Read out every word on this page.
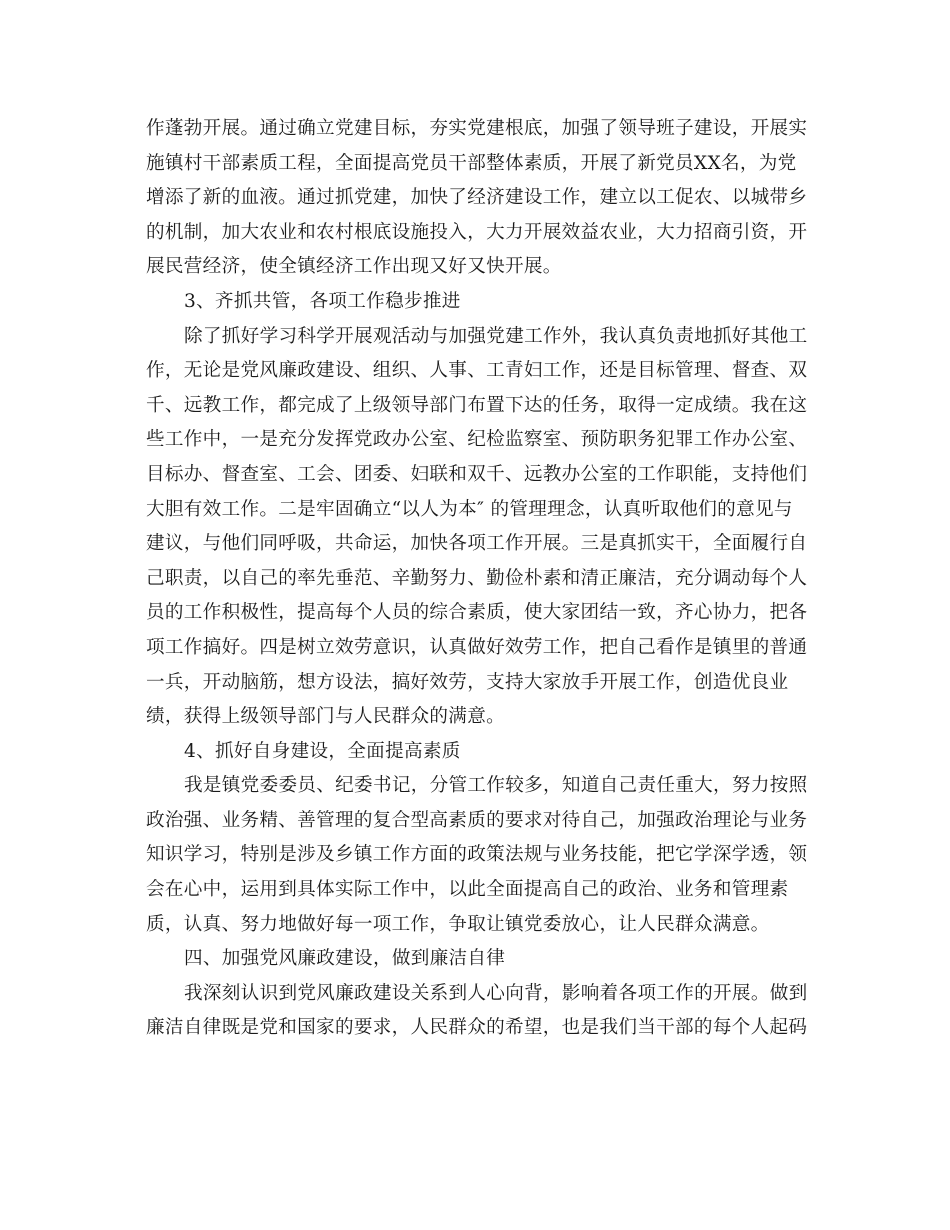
作蓬勃开展。通过确立党建目标，夯实党建根底，加强了领导班子建设，开展实
施镇村干部素质工程，全面提高党员干部整体素质，开展了新党员XX名，为党
增添了新的血液。通过抓党建，加快了经济建设工作，建立以工促农、以城带乡
的机制，加大农业和农村根底设施投入，大力开展效益农业，大力招商引资，开
展民营经济，使全镇经济工作出现又好又快开展。
3、齐抓共管，各项工作稳步推进
除了抓好学习科学开展观活动与加强党建工作外，我认真负责地抓好其他工
作，无论是党风廉政建设、组织、人事、工青妇工作，还是目标管理、督查、双
千、远教工作，都完成了上级领导部门布置下达的任务，取得一定成绩。我在这
些工作中，一是充分发挥党政办公室、纪检监察室、预防职务犯罪工作办公室、
目标办、督查室、工会、团委、妇联和双千、远教办公室的工作职能，支持他们
大胆有效工作。二是牢固确立“以人为本″ 的管理理念，认真听取他们的意见与
建议，与他们同呼吸，共命运，加快各项工作开展。三是真抓实干，全面履行自
己职责，以自己的率先垂范、辛勤努力、勤俭朴素和清正廉洁，充分调动每个人
员的工作积极性，提高每个人员的综合素质，使大家团结一致，齐心协力，把各
项工作搞好。四是树立效劳意识，认真做好效劳工作，把自己看作是镇里的普通
一兵，开动脑筋，想方设法，搞好效劳，支持大家放手开展工作，创造优良业
绩，获得上级领导部门与人民群众的满意。
4、抓好自身建设，全面提高素质
我是镇党委委员、纪委书记，分管工作较多，知道自己责任重大，努力按照
政治强、业务精、善管理的复合型高素质的要求对待自己，加强政治理论与业务
知识学习，特别是涉及乡镇工作方面的政策法规与业务技能，把它学深学透，领
会在心中，运用到具体实际工作中，以此全面提高自己的政治、业务和管理素
质，认真、努力地做好每一项工作，争取让镇党委放心，让人民群众满意。
四、加强党风廉政建设，做到廉洁自律
我深刻认识到党风廉政建设关系到人心向背，影响着各项工作的开展。做到
廉洁自律既是党和国家的要求，人民群众的希望，也是我们当干部的每个人起码
